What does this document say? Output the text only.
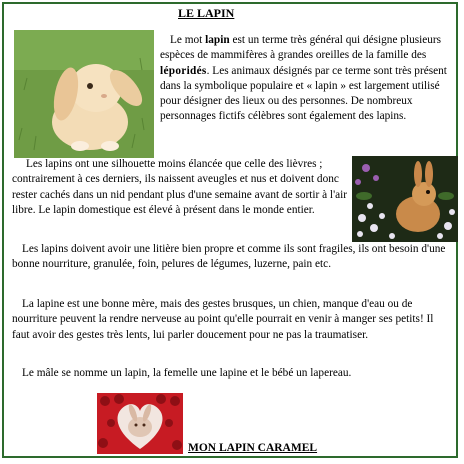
LE LAPIN

Le mot lapin est un terme très général qui désigne plusieurs espèces de mammifères à grandes oreilles de la famille des léporidés. Les animaux désignés par ce terme sont très présent dans la symbolique populaire et « lapin » est largement utilisé pour désigner des lieux ou des personnes. De nombreux personnages fictifs célèbres sont également des lapins.

Les lapins ont une silhouette moins élancée que celle des lièvres ; contrairement à ces derniers, ils naissent aveugles et nus et doivent donc rester cachés dans un nid pendant plus d'une semaine avant de sortir à l'air libre. Le lapin domestique est élevé à présent dans le monde entier.

Les lapins doivent avoir une litière bien propre et comme ils sont fragiles, ils ont besoin d'une bonne nourriture, granulée, foin, pelures de légumes, luzerne, pain etc.

La lapine est une bonne mère, mais des gestes brusques, un chien, manque d'eau ou de nourriture peuvent la rendre nerveuse au point qu'elle pourrait en venir à manger ses petits! Il faut avoir des gestes très lents, lui parler doucement pour ne pas la traumatiser.

Le mâle se nomme un lapin, la femelle une lapine et le bébé un lapereau.

MON LAPIN CARAMEL
